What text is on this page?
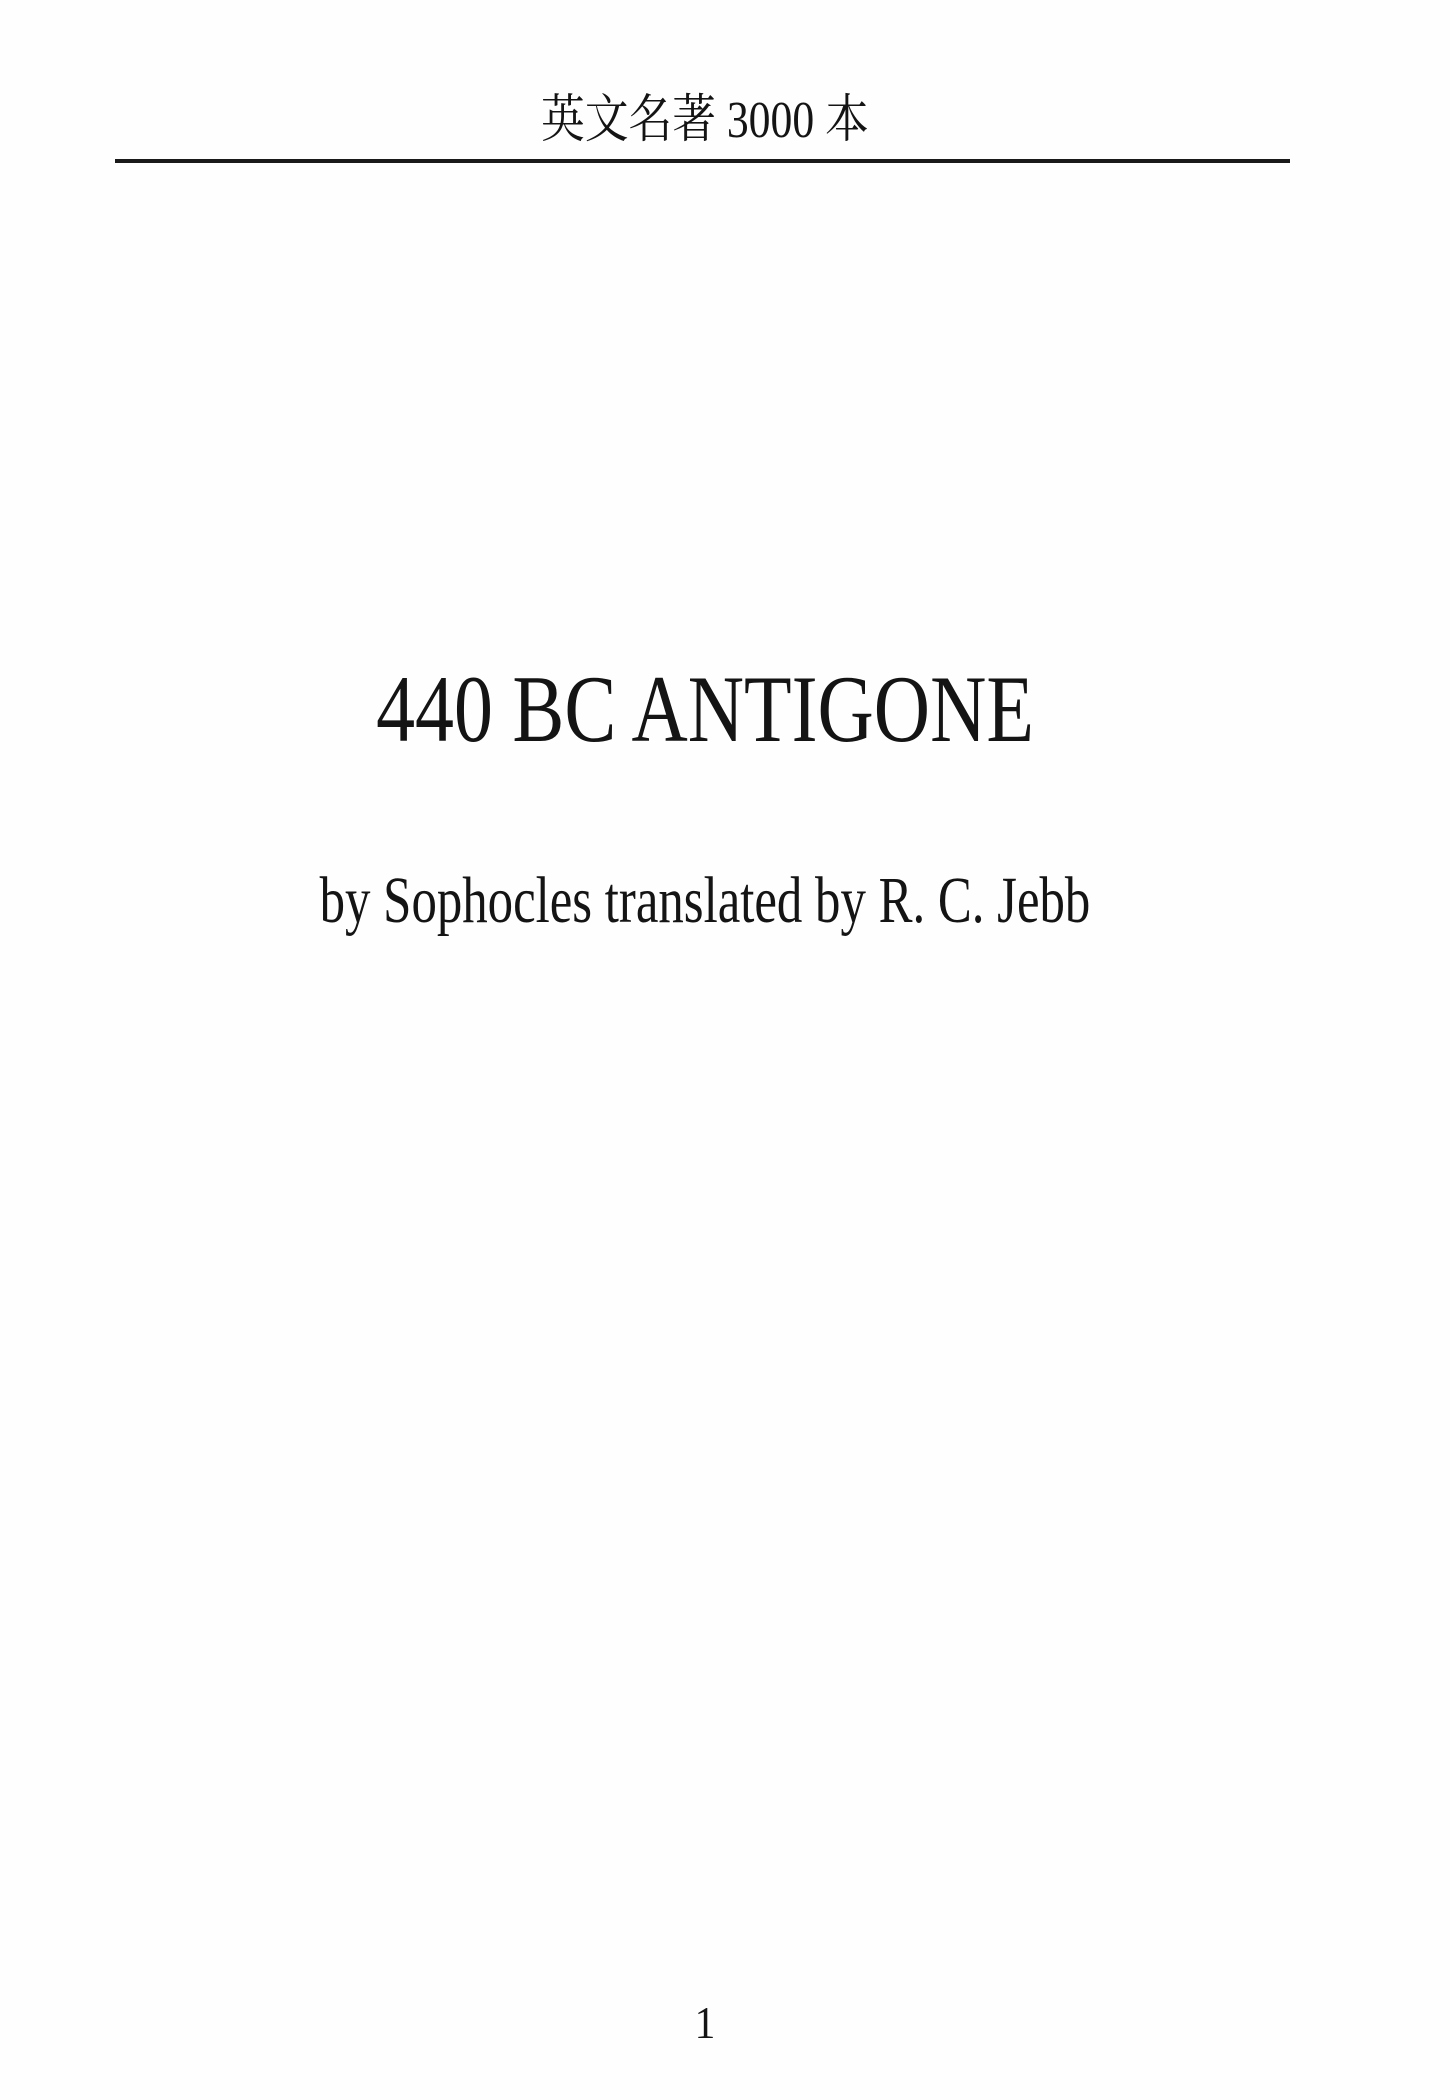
英文名著 3000 本
440 BC ANTIGONE
by Sophocles translated by R. C. Jebb
1
